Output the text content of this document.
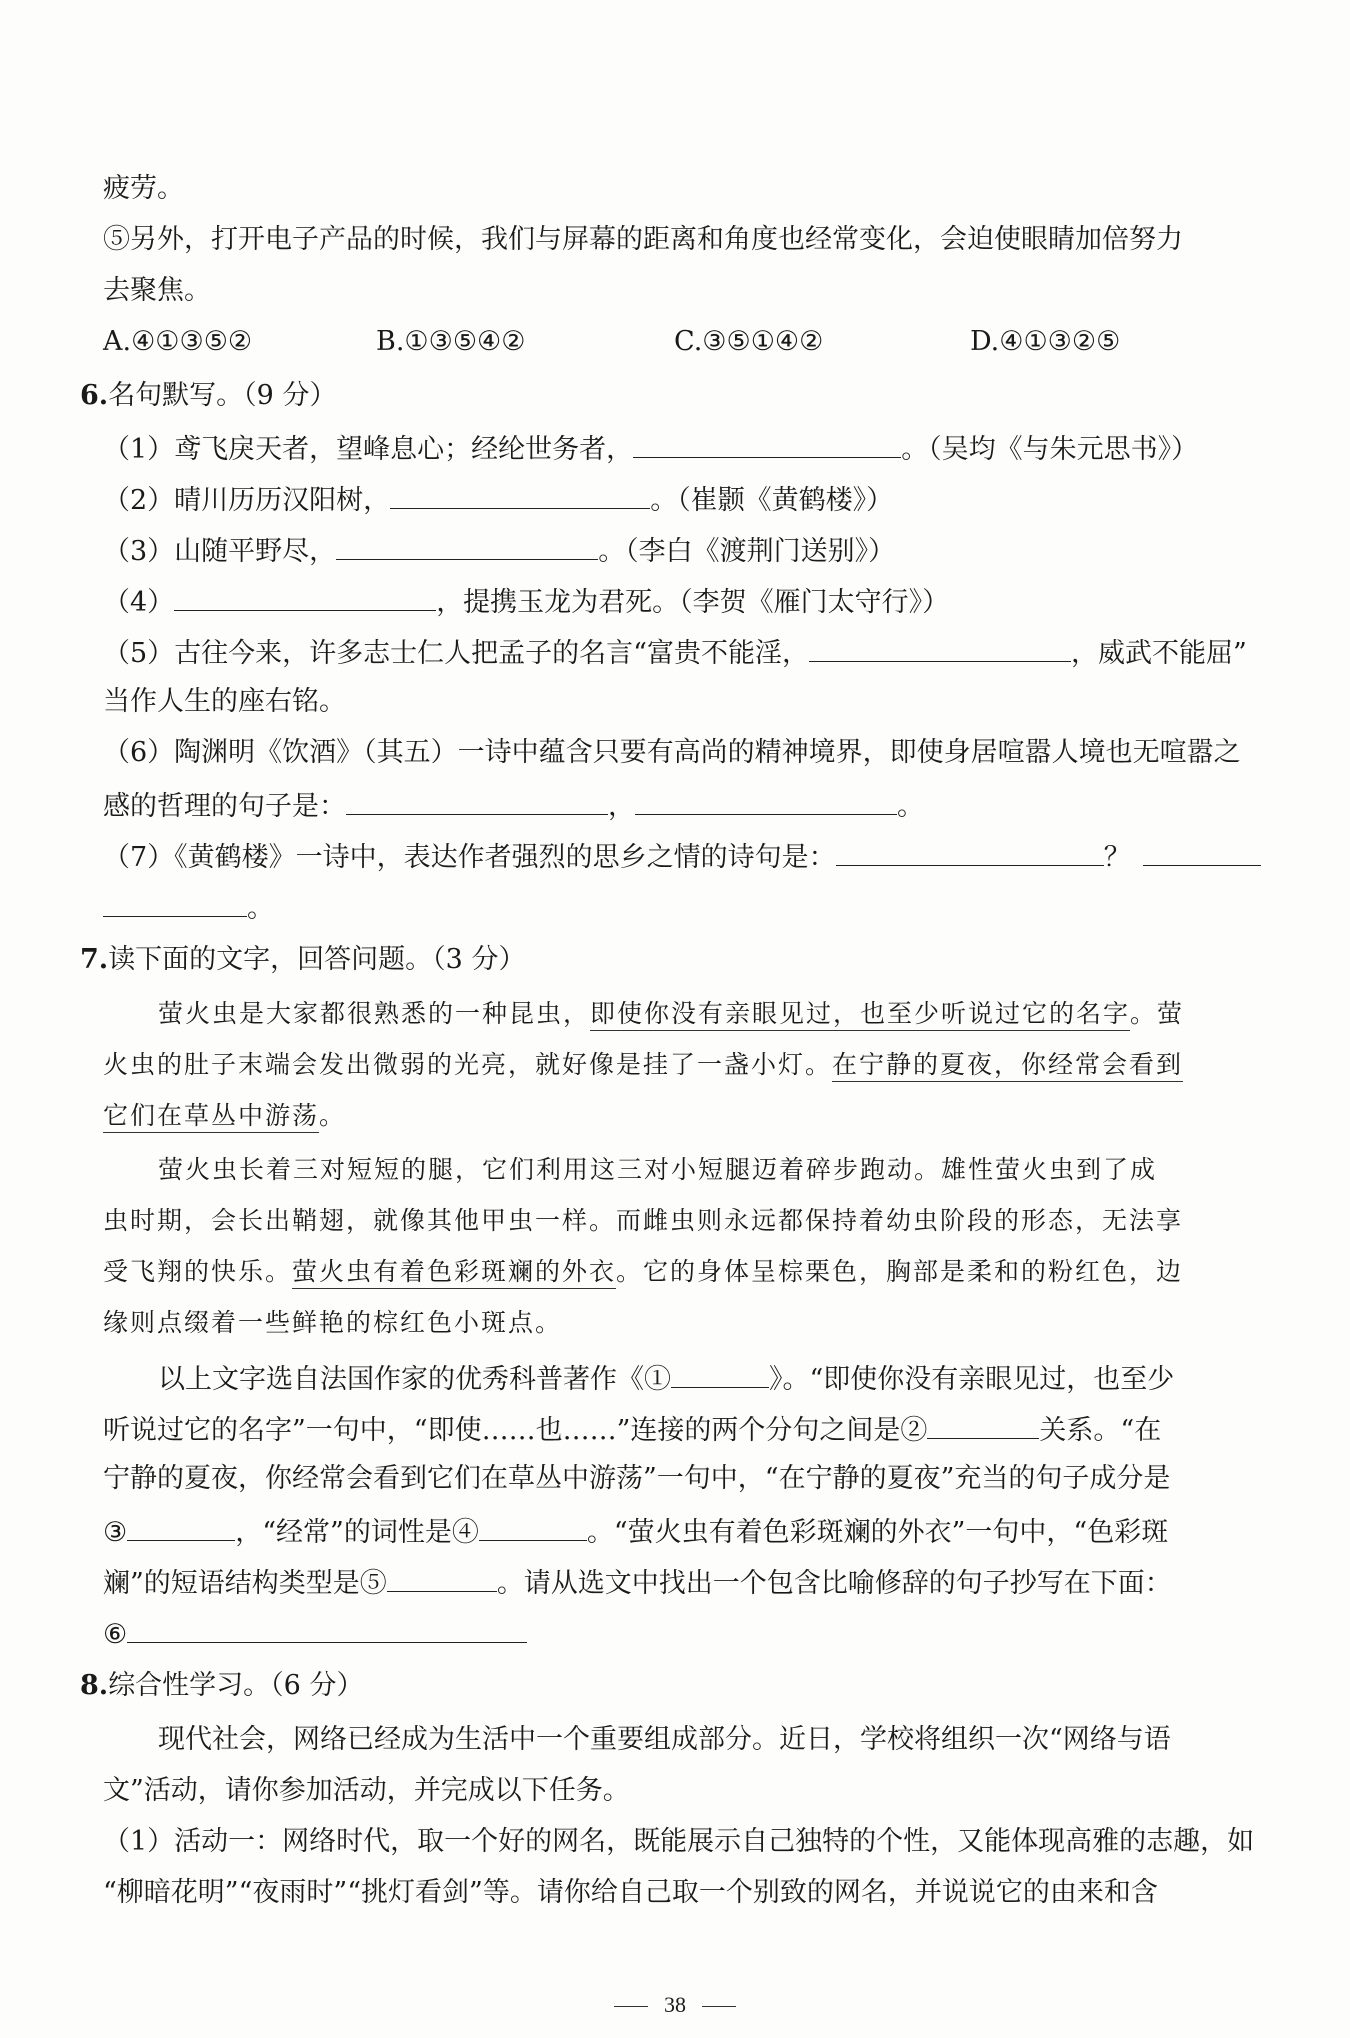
疲劳。
⑤另外，打开电子产品的时候，我们与屏幕的距离和角度也经常变化，会迫使眼睛加倍努力
去聚焦。
A.④①③⑤②	B.①③⑤④②	C.③⑤①④②	D.④①③②⑤
6.名句默写。（9 分）
（1）鸢飞戾天者，望峰息心；经纶世务者，	。（吴均《与朱元思书》）
（2）晴川历历汉阳树，	。（崔颢《黄鹤楼》）
（3）山随平野尽，	。（李白《渡荆门送别》）
（4）	，提携玉龙为君死。（李贺《雁门太守行》）
（5）古往今来，许多志士仁人把孟子的名言“富贵不能淫，	，威武不能屈”
当作人生的座右铭。
（6）陶渊明《饮酒》（其五）一诗中蕴含只要有高尚的精神境界，即使身居喧嚣人境也无喧嚣之
感的哲理的句子是：	，	。
（7）《黄鹤楼》一诗中，表达作者强烈的思乡之情的诗句是：	？
。
7.读下面的文字，回答问题。（3 分）
萤火虫是大家都很熟悉的一种昆虫，即使你没有亲眼见过，也至少听说过它的名字。萤
火虫的肚子末端会发出微弱的光亮，就好像是挂了一盏小灯。在宁静的夏夜，你经常会看到
它们在草丛中游荡。
萤火虫长着三对短短的腿，它们利用这三对小短腿迈着碎步跑动。雄性萤火虫到了成
虫时期，会长出鞘翅，就像其他甲虫一样。而雌虫则永远都保持着幼虫阶段的形态，无法享
受飞翔的快乐。萤火虫有着色彩斑斓的外衣。它的身体呈棕栗色，胸部是柔和的粉红色，边
缘则点缀着一些鲜艳的棕红色小斑点。
以上文字选自法国作家的优秀科普著作《①	》。“即使你没有亲眼见过，也至少
听说过它的名字”一句中，“即使……也……”连接的两个分句之间是②	关系。“在
宁静的夏夜，你经常会看到它们在草丛中游荡”一句中，“在宁静的夏夜”充当的句子成分是
③	，“经常”的词性是④	。“萤火虫有着色彩斑斓的外衣”一句中，“色彩斑
斓”的短语结构类型是⑤	。请从选文中找出一个包含比喻修辞的句子抄写在下面：
⑥
8.综合性学习。（6 分）
现代社会，网络已经成为生活中一个重要组成部分。近日，学校将组织一次“网络与语
文”活动，请你参加活动，并完成以下任务。
（1）活动一：网络时代，取一个好的网名，既能展示自己独特的个性，又能体现高雅的志趣，如
“柳暗花明”“夜雨时”“挑灯看剑”等。请你给自己取一个别致的网名，并说说它的由来和含
38
